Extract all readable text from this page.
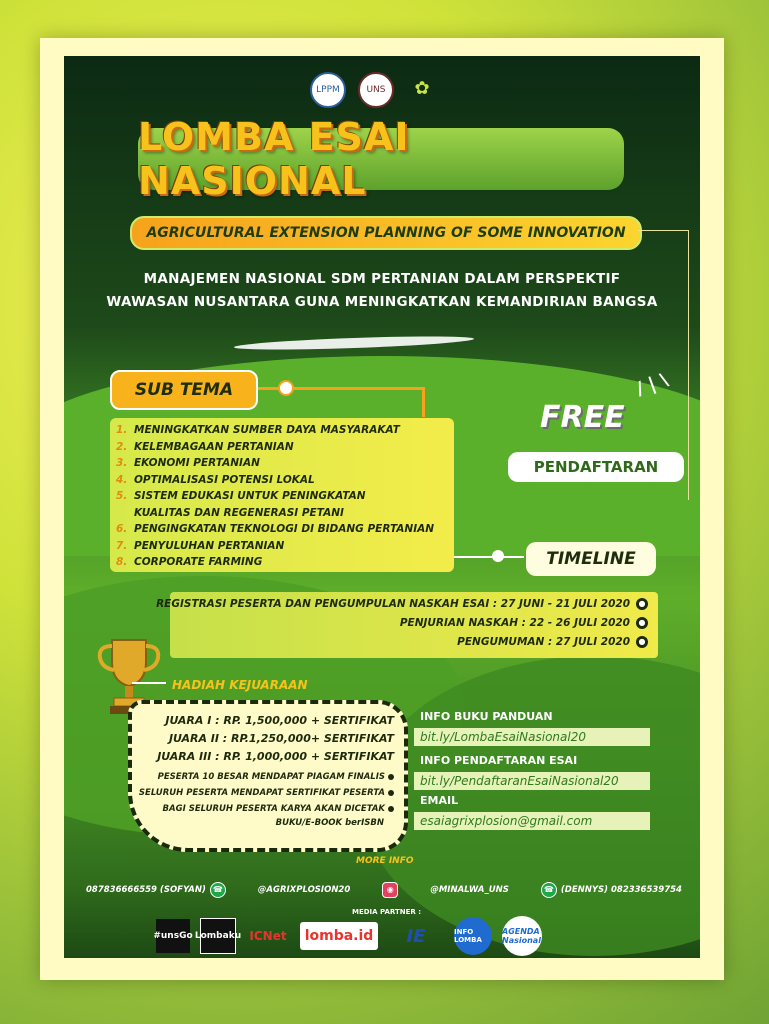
LPPM	UNS	✿
LOMBA ESAI NASIONAL
AGRICULTURAL EXTENSION PLANNING OF SOME INNOVATION
MANAJEMEN NASIONAL SDM PERTANIAN DALAM PERSPEKTIF
WAWASAN NUSANTARA GUNA MENINGKATKAN KEMANDIRIAN BANGSA
SUB TEMA
1. MENINGKATKAN SUMBER DAYA MASYARAKAT
2. KELEMBAGAAN PERTANIAN
3. EKONOMI PERTANIAN
4. OPTIMALISASI POTENSI LOKAL
5. SISTEM EDUKASI UNTUK PENINGKATAN
KUALITAS DAN REGENERASI PETANI
6. PENGINGKATAN TEKNOLOGI DI BIDANG PERTANIAN
7. PENYULUHAN PERTANIAN
8. CORPORATE FARMING
/ | \
FREE
PENDAFTARAN
TIMELINE
REGISTRASI PESERTA DAN PENGUMPULAN NASKAH ESAI : 27 JUNI - 21 JULI 2020	●
PENJURIAN NASKAH : 22 - 26 JULI 2020	●
PENGUMUMAN : 27 JULI 2020	●
HADIAH KEJUARAAN
JUARA I : RP. 1,500,000 + SERTIFIKAT
JUARA II : RP.1,250,000+ SERTIFIKAT
JUARA III : RP. 1,000,000 + SERTIFIKAT
PESERTA 10 BESAR MENDAPAT PIAGAM FINALIS
SELURUH PESERTA MENDAPAT SERTIFIKAT PESERTA
BAGI SELURUH PESERTA KARYA AKAN DICETAK
BUKU/E-BOOK berISBN
INFO BUKU PANDUAN
bit.ly/LombaEsaiNasional20
INFO PENDAFTARAN ESAI
bit.ly/PendaftaranEsaiNasional20
EMAIL
esaiagrixplosion@gmail.com
MORE INFO
087836666559 (SOFYAN) ☎	@AGRIXPLOSION20	◉	@MINALWA_UNS	☎ (DENNYS) 082336539754
MEDIA PARTNER :
#unsGo Lombaku ICNet	lomba.id	IE	INFO LOMBA
AGENDA Nasional
